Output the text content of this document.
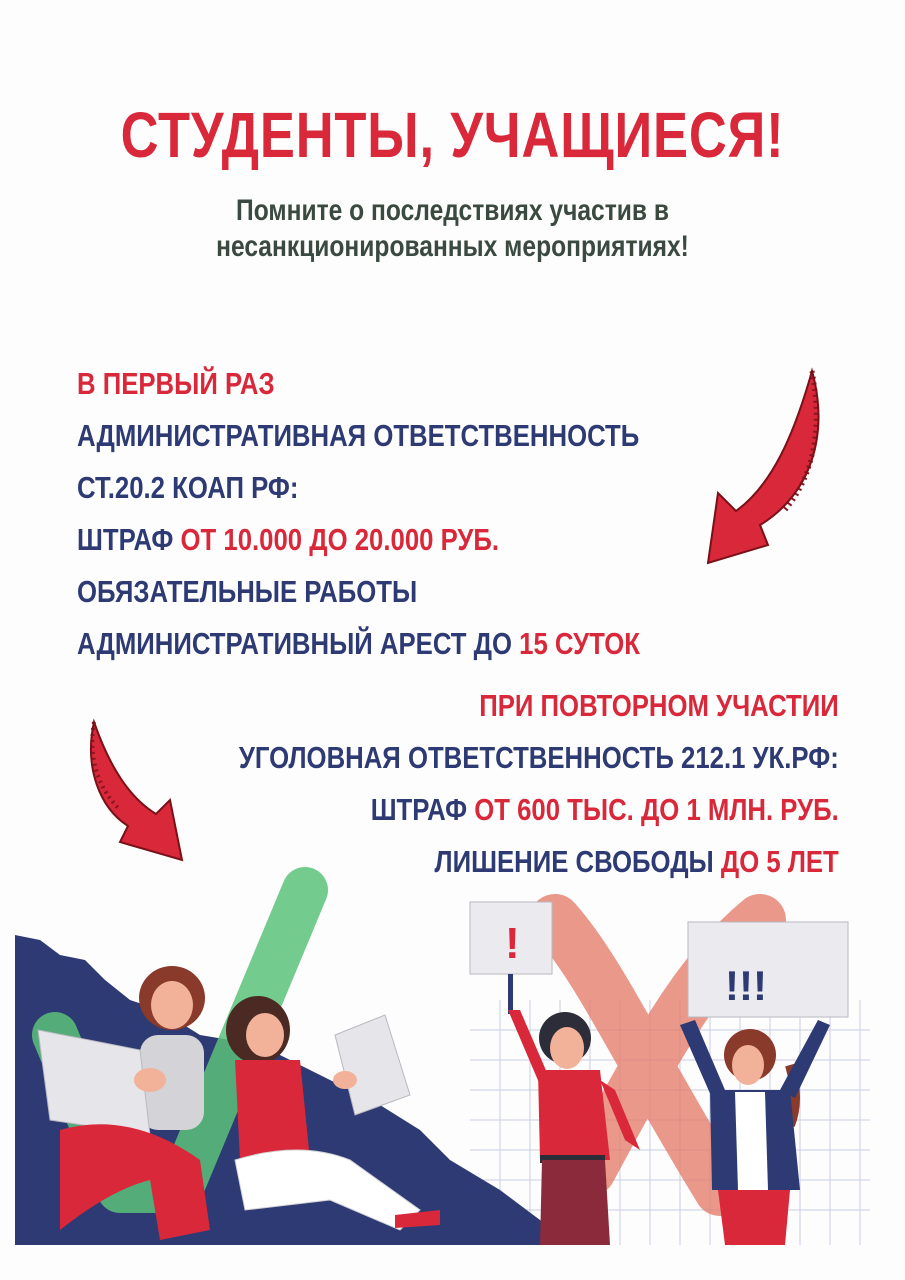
СТУДЕНТЫ, УЧАЩИЕСЯ!
Помните о последствиях участив в
несанкционированных мероприятиях!
В ПЕРВЫЙ РАЗ
АДМИНИСТРАТИВНАЯ ОТВЕТСТВЕННОСТЬ
СТ.20.2 КОАП РФ:
ШТРАФ ОТ 10.000 ДО 20.000 РУБ.
ОБЯЗАТЕЛЬНЫЕ РАБОТЫ
АДМИНИСТРАТИВНЫЙ АРЕСТ ДО 15 СУТОК
ПРИ ПОВТОРНОМ УЧАСТИИ
УГОЛОВНАЯ ОТВЕТСТВЕННОСТЬ 212.1 УК.РФ:
ШТРАФ ОТ 600 ТЫС. ДО 1 МЛН. РУБ.
ЛИШЕНИЕ СВОБОДЫ ДО 5 ЛЕТ
!
!!!
